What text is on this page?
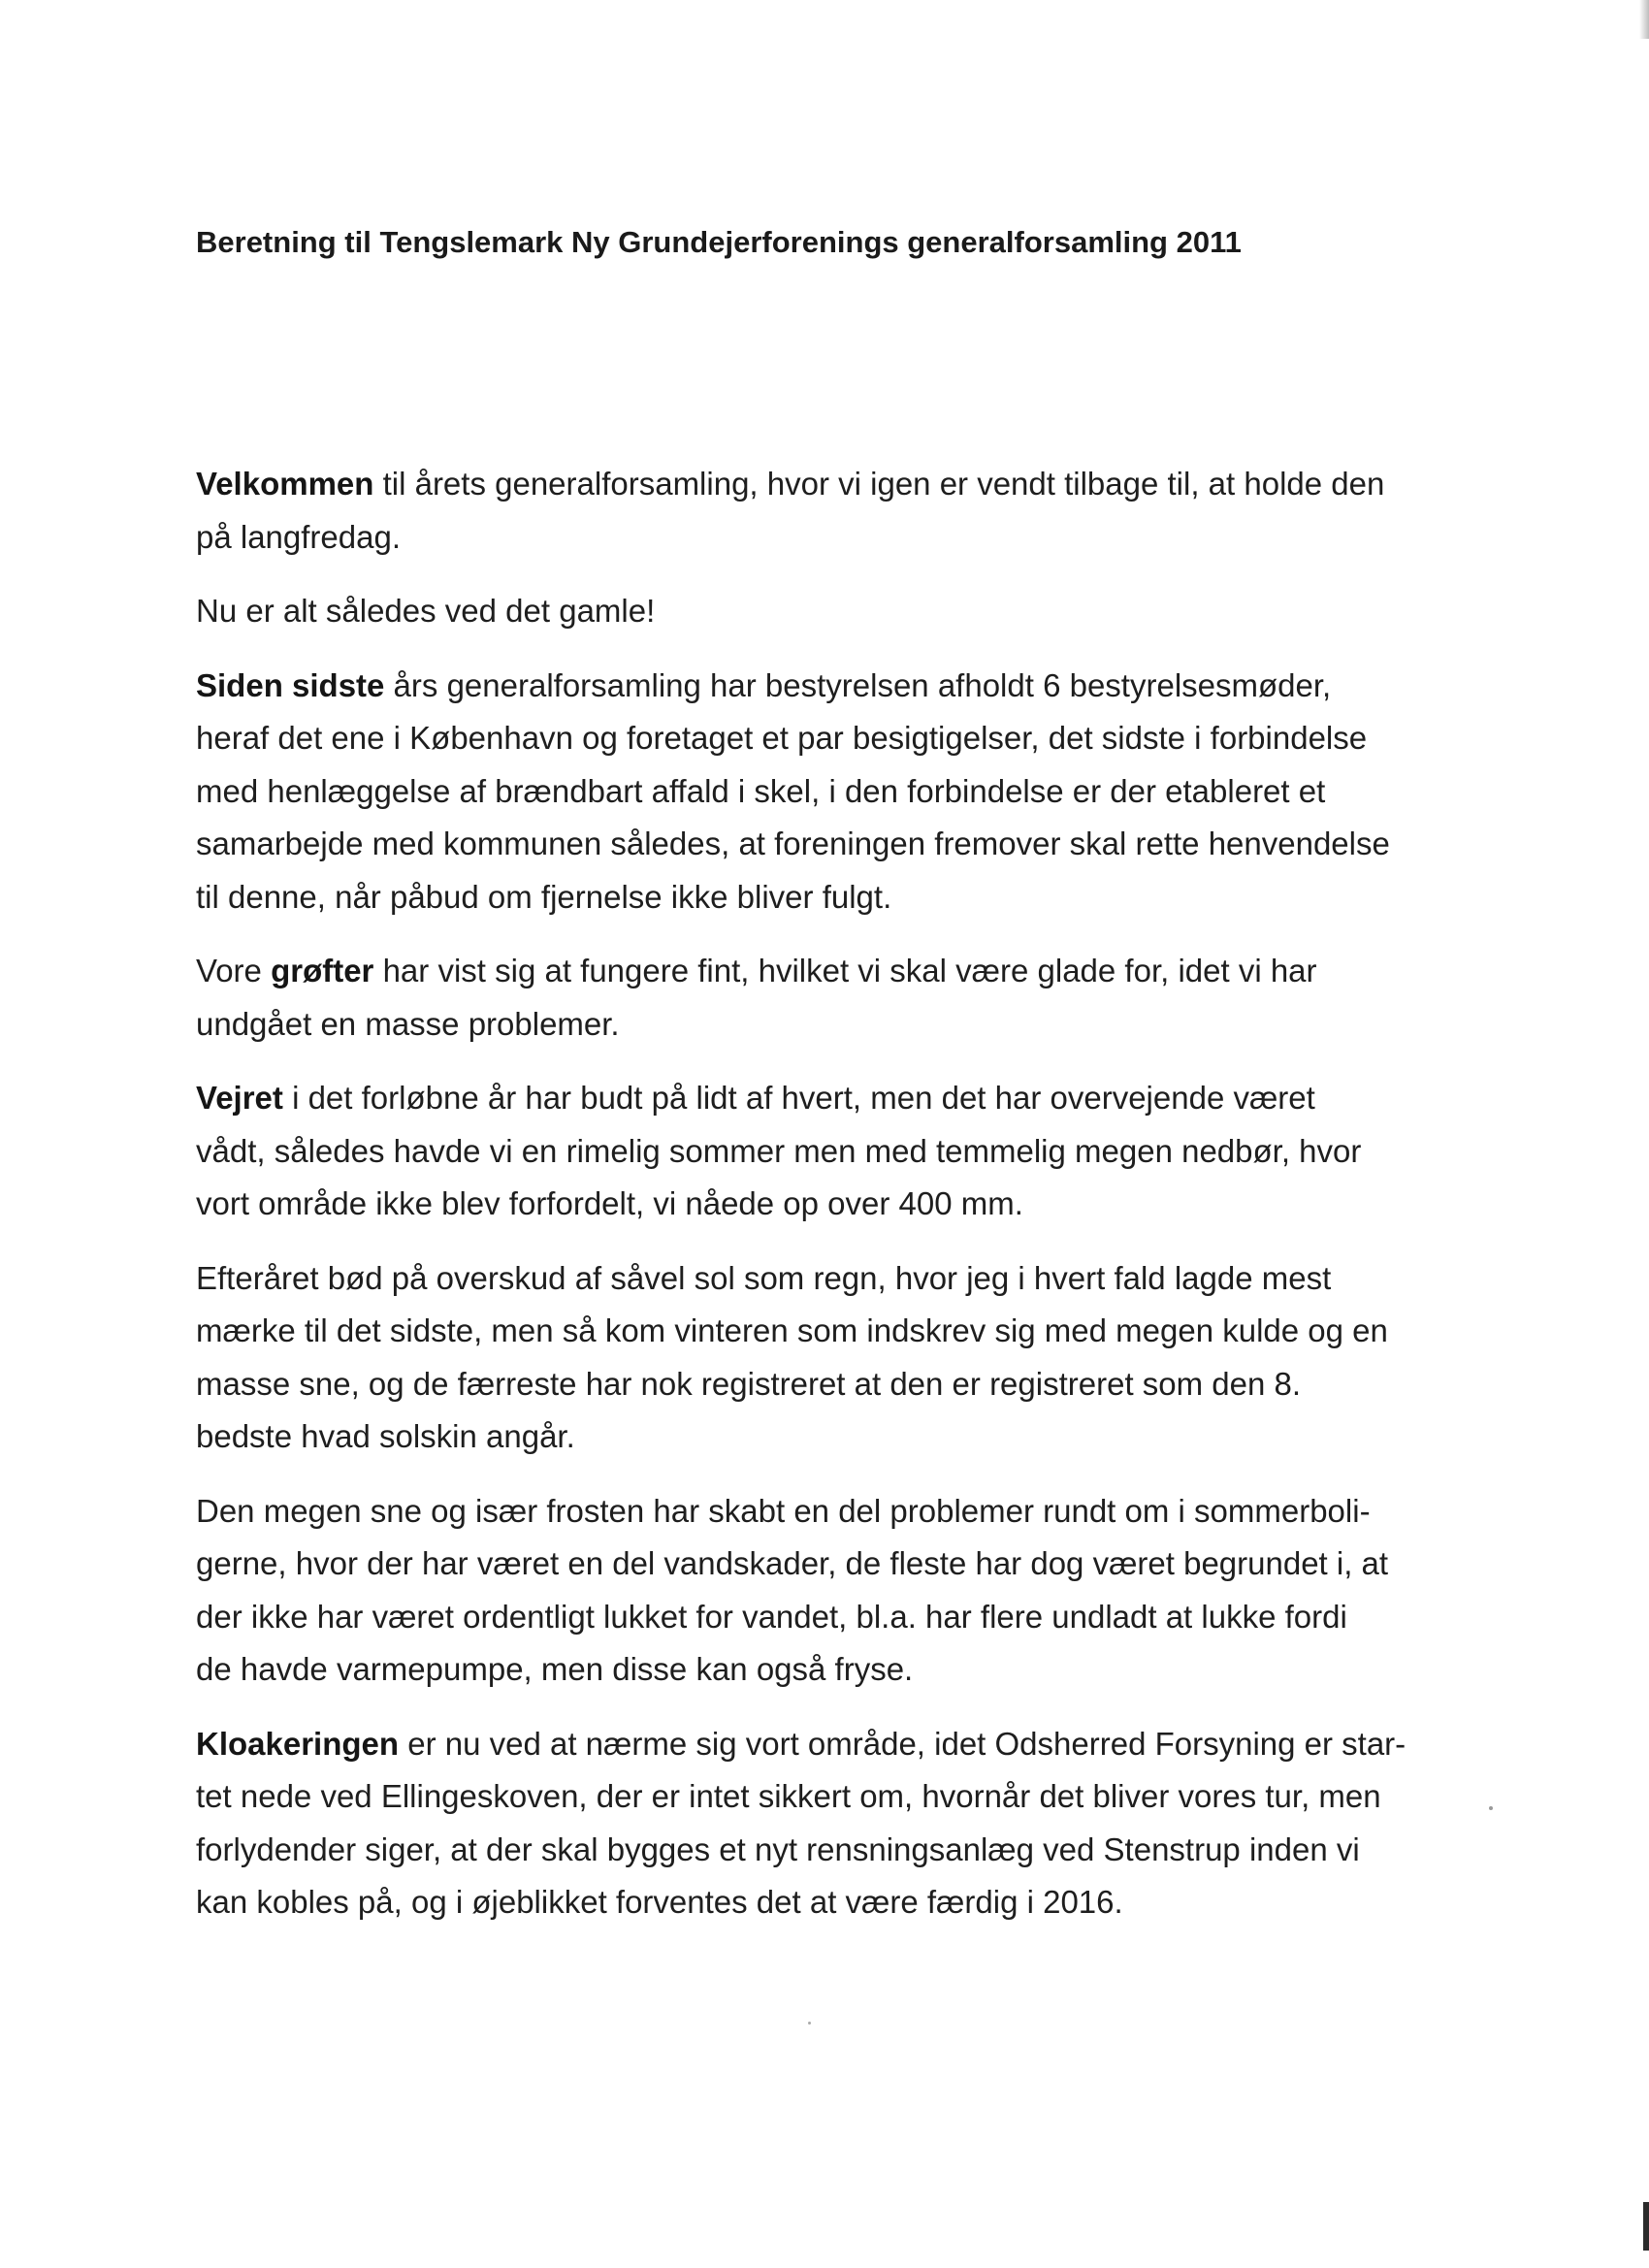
Beretning til Tengslemark Ny Grundejerforenings generalforsamling 2011

Velkommen til årets generalforsamling, hvor vi igen er vendt tilbage til, at holde den
på langfredag.

Nu er alt således ved det gamle!

Siden sidste års generalforsamling har bestyrelsen afholdt 6 bestyrelsesmøder,
heraf det ene i København og foretaget et par besigtigelser, det sidste i forbindelse
med henlæggelse af brændbart affald i skel, i den forbindelse er der etableret et
samarbejde med kommunen således, at foreningen fremover skal rette henvendelse
til denne, når påbud om fjernelse ikke bliver fulgt.

Vore grøfter har vist sig at fungere fint, hvilket vi skal være glade for, idet vi har
undgået en masse problemer.

Vejret i det forløbne år har budt på lidt af hvert, men det har overvejende været
vådt, således havde vi en rimelig sommer men med temmelig megen nedbør, hvor
vort område ikke blev forfordelt, vi nåede op over 400 mm.

Efteråret bød på overskud af såvel sol som regn, hvor jeg i hvert fald lagde mest
mærke til det sidste, men så kom vinteren som indskrev sig med megen kulde og en
masse sne, og de færreste har nok registreret at den er registreret som den 8.
bedste hvad solskin angår.

Den megen sne og især frosten har skabt en del problemer rundt om i sommerboli-
gerne, hvor der har været en del vandskader, de fleste har dog været begrundet i, at
der ikke har været ordentligt lukket for vandet, bl.a. har flere undladt at lukke fordi
de havde varmepumpe, men disse kan også fryse.

Kloakeringen er nu ved at nærme sig vort område, idet Odsherred Forsyning er star-
tet nede ved Ellingeskoven, der er intet sikkert om, hvornår det bliver vores tur, men
forlydender siger, at der skal bygges et nyt rensningsanlæg ved Stenstrup inden vi
kan kobles på, og i øjeblikket forventes det at være færdig i 2016.
